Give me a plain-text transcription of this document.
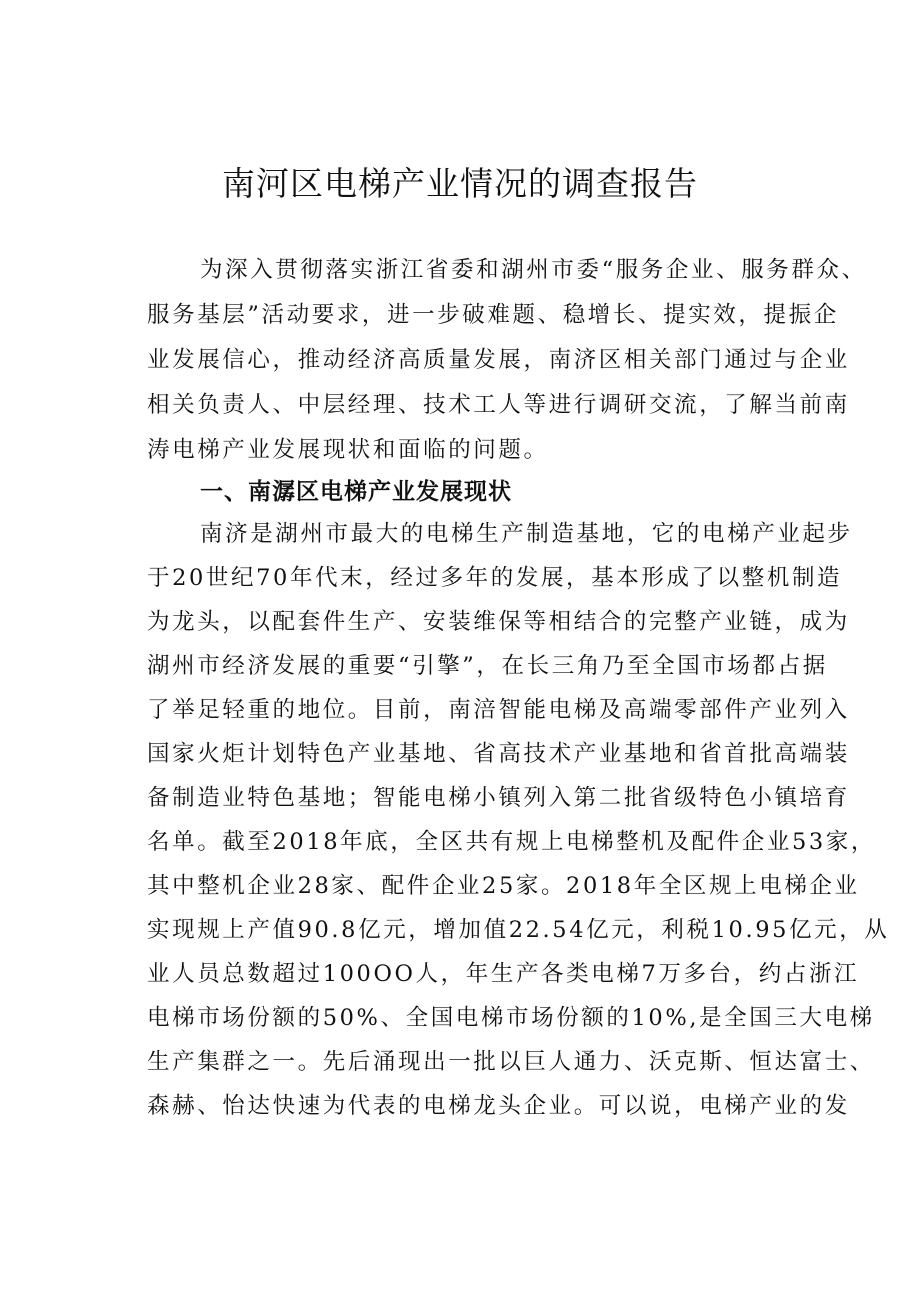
南河区电梯产业情况的调查报告
为深入贯彻落实浙江省委和湖州市委“服务企业、服务群众、
服务基层”活动要求，进一步破难题、稳增长、提实效，提振企
业发展信心，推动经济高质量发展，南济区相关部门通过与企业
相关负责人、中层经理、技术工人等进行调研交流，了解当前南
涛电梯产业发展现状和面临的问题。
一、南潺区电梯产业发展现状
南济是湖州市最大的电梯生产制造基地，它的电梯产业起步
于20世纪70年代末，经过多年的发展，基本形成了以整机制造
为龙头，以配套件生产、安装维保等相结合的完整产业链，成为
湖州市经济发展的重要“引擎”，在长三角乃至全国市场都占据
了举足轻重的地位。目前，南涪智能电梯及高端零部件产业列入
国家火炬计划特色产业基地、省高技术产业基地和省首批高端装
备制造业特色基地；智能电梯小镇列入第二批省级特色小镇培育
名单。截至2018年底，全区共有规上电梯整机及配件企业53家，
其中整机企业28家、配件企业25家。2018年全区规上电梯企业
实现规上产值90.8亿元，增加值22.54亿元，利税10.95亿元，从
业人员总数超过100OO人，年生产各类电梯7万多台，约占浙江
电梯市场份额的50%、全国电梯市场份额的10%,是全国三大电梯
生产集群之一。先后涌现出一批以巨人通力、沃克斯、恒达富士、
森赫、怡达快速为代表的电梯龙头企业。可以说，电梯产业的发
